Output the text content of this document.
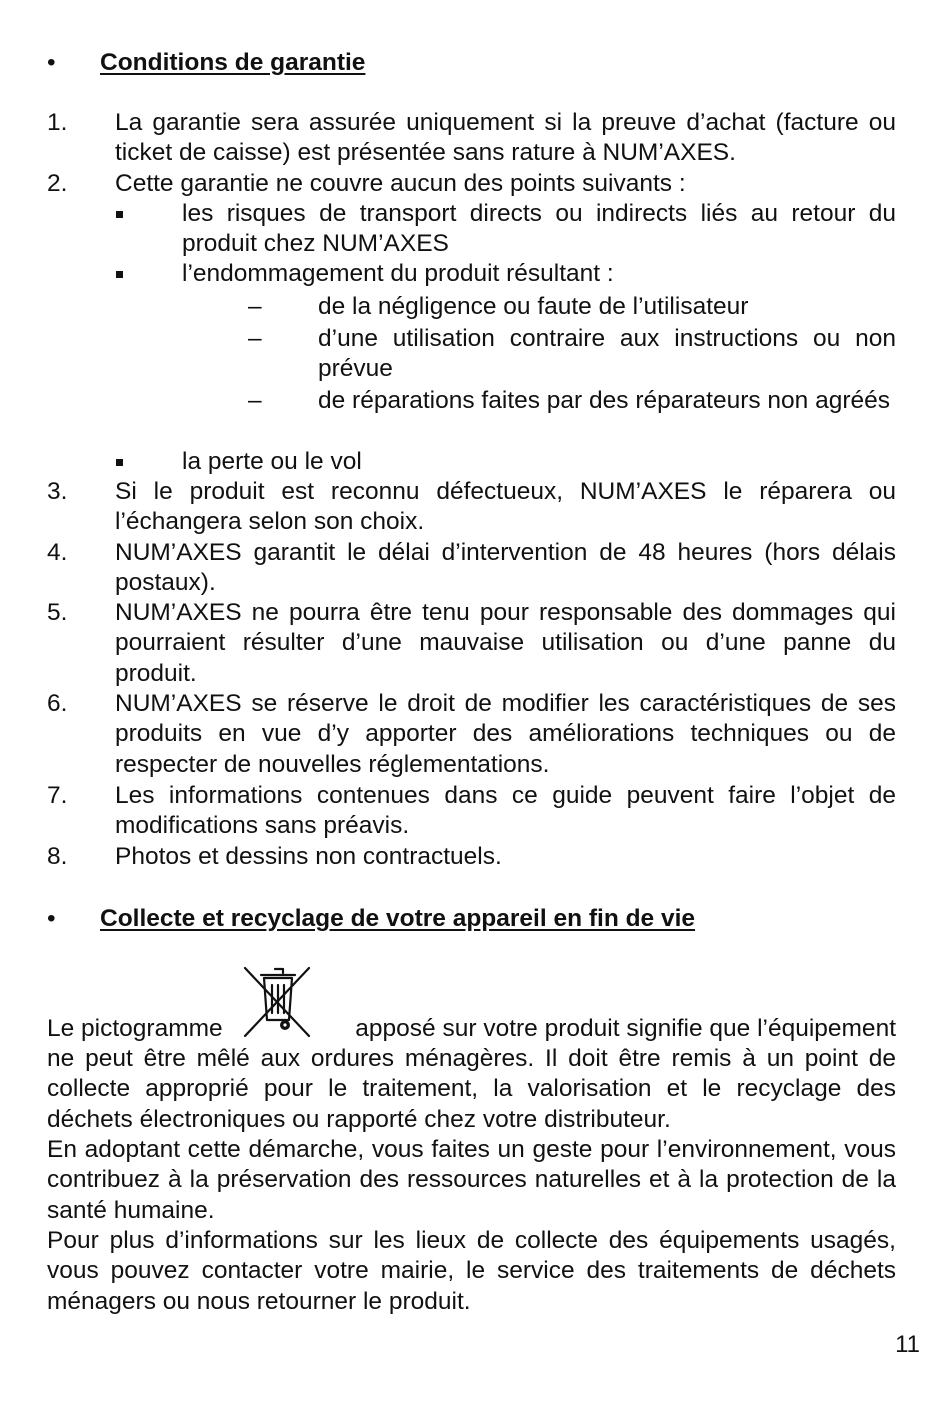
• Conditions de garantie
1. La garantie sera assurée uniquement si la preuve d’achat (facture ou ticket de caisse) est présentée sans rature à NUM’AXES.
2. Cette garantie ne couvre aucun des points suivants :
les risques de transport directs ou indirects liés au retour du produit chez NUM’AXES
l’endommagement du produit résultant :
– de la négligence ou faute de l’utilisateur
– d’une utilisation contraire aux instructions ou non prévue
– de réparations faites par des réparateurs non agréés
la perte ou le vol
3. Si le produit est reconnu défectueux, NUM’AXES le réparera ou l’échangera selon son choix.
4. NUM’AXES garantit le délai d’intervention de 48 heures (hors délais postaux).
5. NUM’AXES ne pourra être tenu pour responsable des dommages qui pourraient résulter d’une mauvaise utilisation ou d’une panne du produit.
6. NUM’AXES se réserve le droit de modifier les caractéristiques de ses produits en vue d’y apporter des améliorations techniques ou de respecter de nouvelles réglementations.
7. Les informations contenues dans ce guide peuvent faire l’objet de modifications sans préavis.
8. Photos et dessins non contractuels.
• Collecte et recyclage de votre appareil en fin de vie
Le pictogramme	apposé sur votre produit signifie que l’équipement
ne peut être mêlé aux ordures ménagères. Il doit être remis à un point de collecte approprié pour le traitement, la valorisation et le recyclage des déchets électroniques ou rapporté chez votre distributeur.
En adoptant cette démarche, vous faites un geste pour l’environnement, vous contribuez à la préservation des ressources naturelles et à la protection de la santé humaine.
Pour plus d’informations sur les lieux de collecte des équipements usagés, vous pouvez contacter votre mairie, le service des traitements de déchets ménagers ou nous retourner le produit.
11
